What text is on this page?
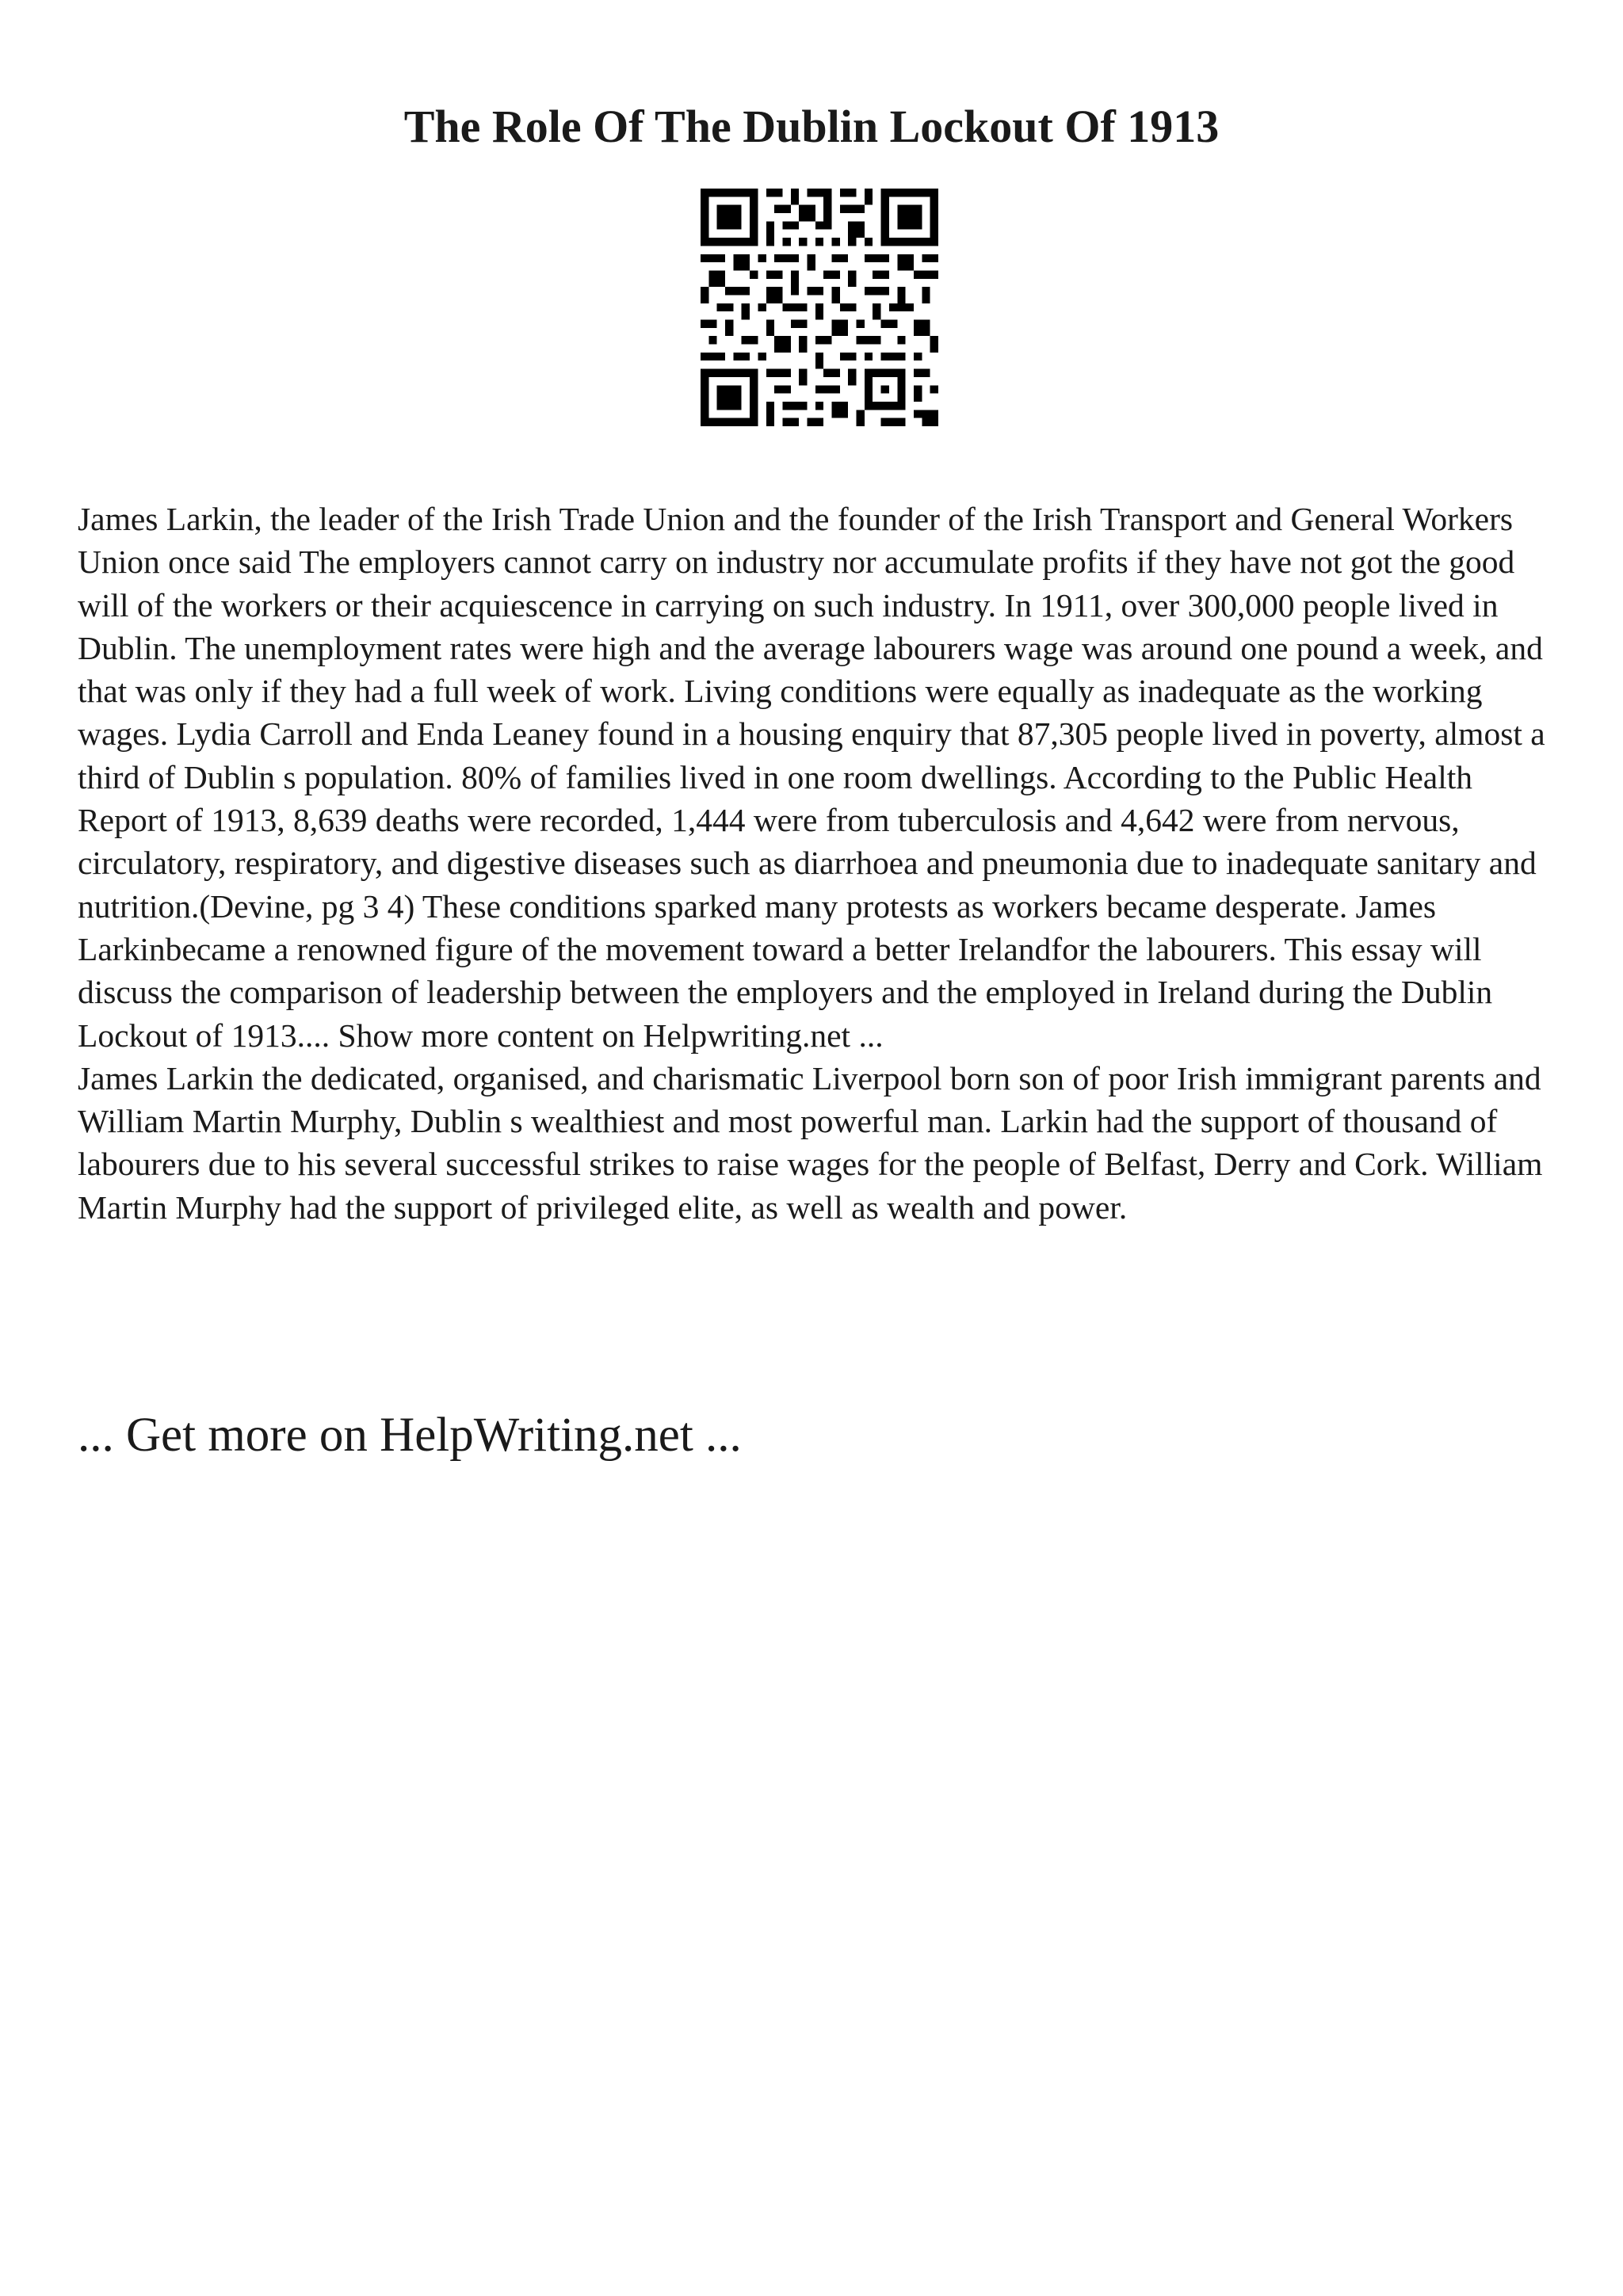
The Role Of The Dublin Lockout Of 1913

James Larkin, the leader of the Irish Trade Union and the founder of the Irish Transport and General Workers Union once said The employers cannot carry on industry nor accumulate profits if they have not got the good will of the workers or their acquiescence in carrying on such industry. In 1911, over 300,000 people lived in Dublin. The unemployment rates were high and the average labourers wage was around one pound a week, and that was only if they had a full week of work. Living conditions were equally as inadequate as the working wages. Lydia Carroll and Enda Leaney found in a housing enquiry that 87,305 people lived in poverty, almost a third of Dublin s population. 80% of families lived in one room dwellings. According to the Public Health Report of 1913, 8,639 deaths were recorded, 1,444 were from tuberculosis and 4,642 were from nervous, circulatory, respiratory, and digestive diseases such as diarrhoea and pneumonia due to inadequate sanitary and nutrition.(Devine, pg 3 4) These conditions sparked many protests as workers became desperate. James Larkinbecame a renowned figure of the movement toward a better Irelandfor the labourers. This essay will discuss the comparison of leadership between the employers and the employed in Ireland during the Dublin Lockout of 1913.... Show more content on Helpwriting.net ...

James Larkin the dedicated, organised, and charismatic Liverpool born son of poor Irish immigrant parents and William Martin Murphy, Dublin s wealthiest and most powerful man. Larkin had the support of thousand of labourers due to his several successful strikes to raise wages for the people of Belfast, Derry and Cork. William Martin Murphy had the support of privileged elite, as well as wealth and power.

... Get more on HelpWriting.net ...
